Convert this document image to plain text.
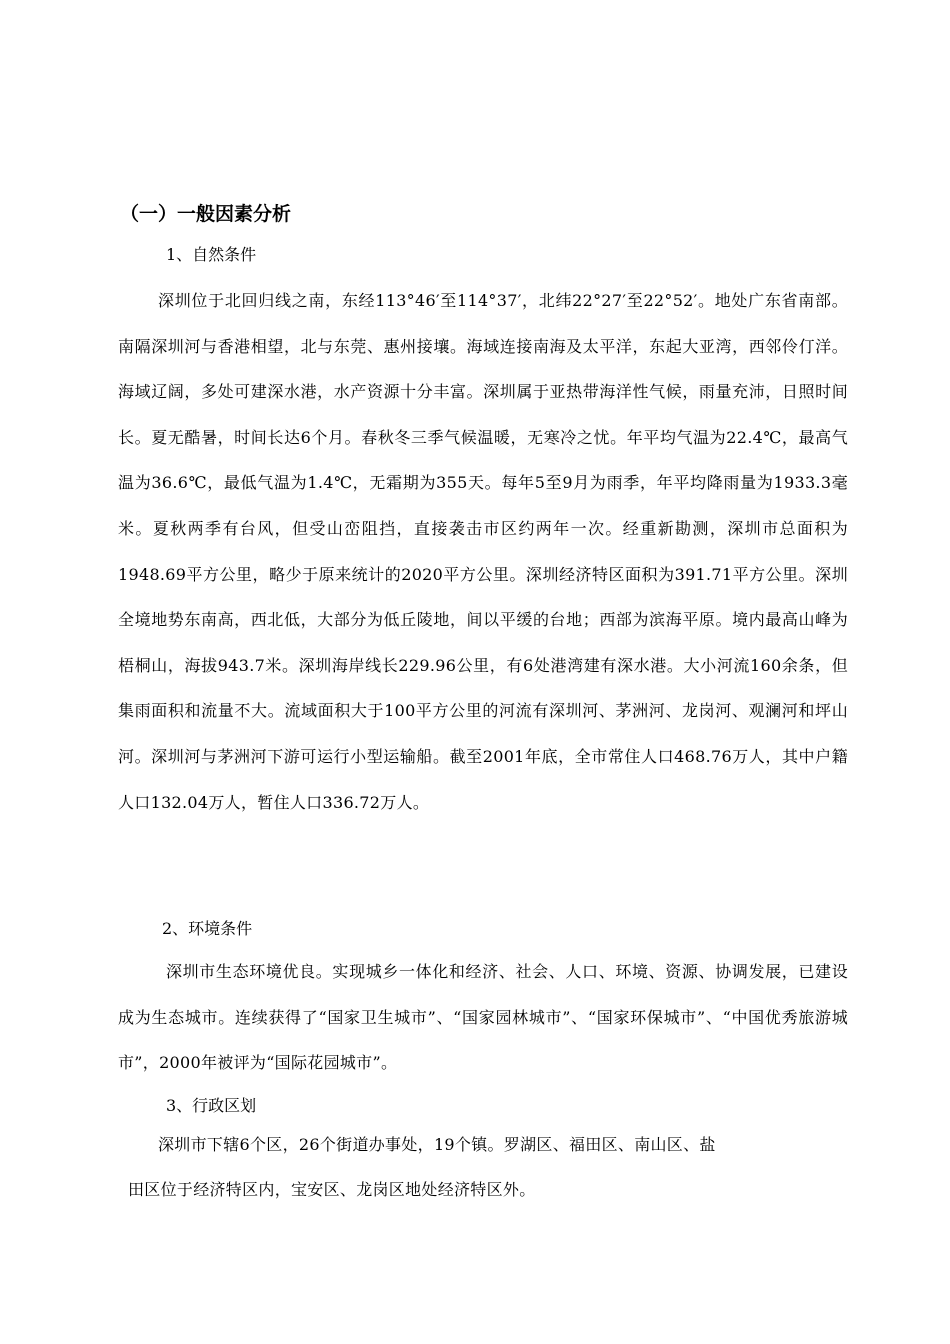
（一）一般因素分析
1、自然条件

深圳位于北回归线之南，东经113°46′至114°37′，北纬22°27′至22°52′。地处广东省南部。南隔深圳河与香港相望，北与东莞、惠州接壤。海域连接南海及太平洋，东起大亚湾，西邻伶仃洋。海域辽阔，多处可建深水港，水产资源十分丰富。深圳属于亚热带海洋性气候，雨量充沛，日照时间长。夏无酷暑，时间长达6个月。春秋冬三季气候温暖，无寒冷之忧。年平均气温为22.4℃，最高气温为36.6℃，最低气温为1.4℃，无霜期为355天。每年5至9月为雨季，年平均降雨量为1933.3毫米。夏秋两季有台风，但受山峦阻挡，直接袭击市区约两年一次。经重新勘测，深圳市总面积为1948.69平方公里，略少于原来统计的2020平方公里。深圳经济特区面积为391.71平方公里。深圳全境地势东南高，西北低，大部分为低丘陵地，间以平缓的台地；西部为滨海平原。境内最高山峰为梧桐山，海拔943.7米。深圳海岸线长229.96公里，有6处港湾建有深水港。大小河流160余条，但集雨面积和流量不大。流域面积大于100平方公里的河流有深圳河、茅洲河、龙岗河、观澜河和坪山河。深圳河与茅洲河下游可运行小型运输船。截至2001年底，全市常住人口468.76万人，其中户籍人口132.04万人，暂住人口336.72万人。

2、环境条件

深圳市生态环境优良。实现城乡一体化和经济、社会、人口、环境、资源、协调发展，已建设成为生态城市。连续获得了“国家卫生城市”、“国家园林城市”、“国家环保城市”、“中国优秀旅游城市”，2000年被评为“国际花园城市”。

3、行政区划

深圳市下辖6个区，26个街道办事处，19个镇。罗湖区、福田区、南山区、盐

田区位于经济特区内，宝安区、龙岗区地处经济特区外。
